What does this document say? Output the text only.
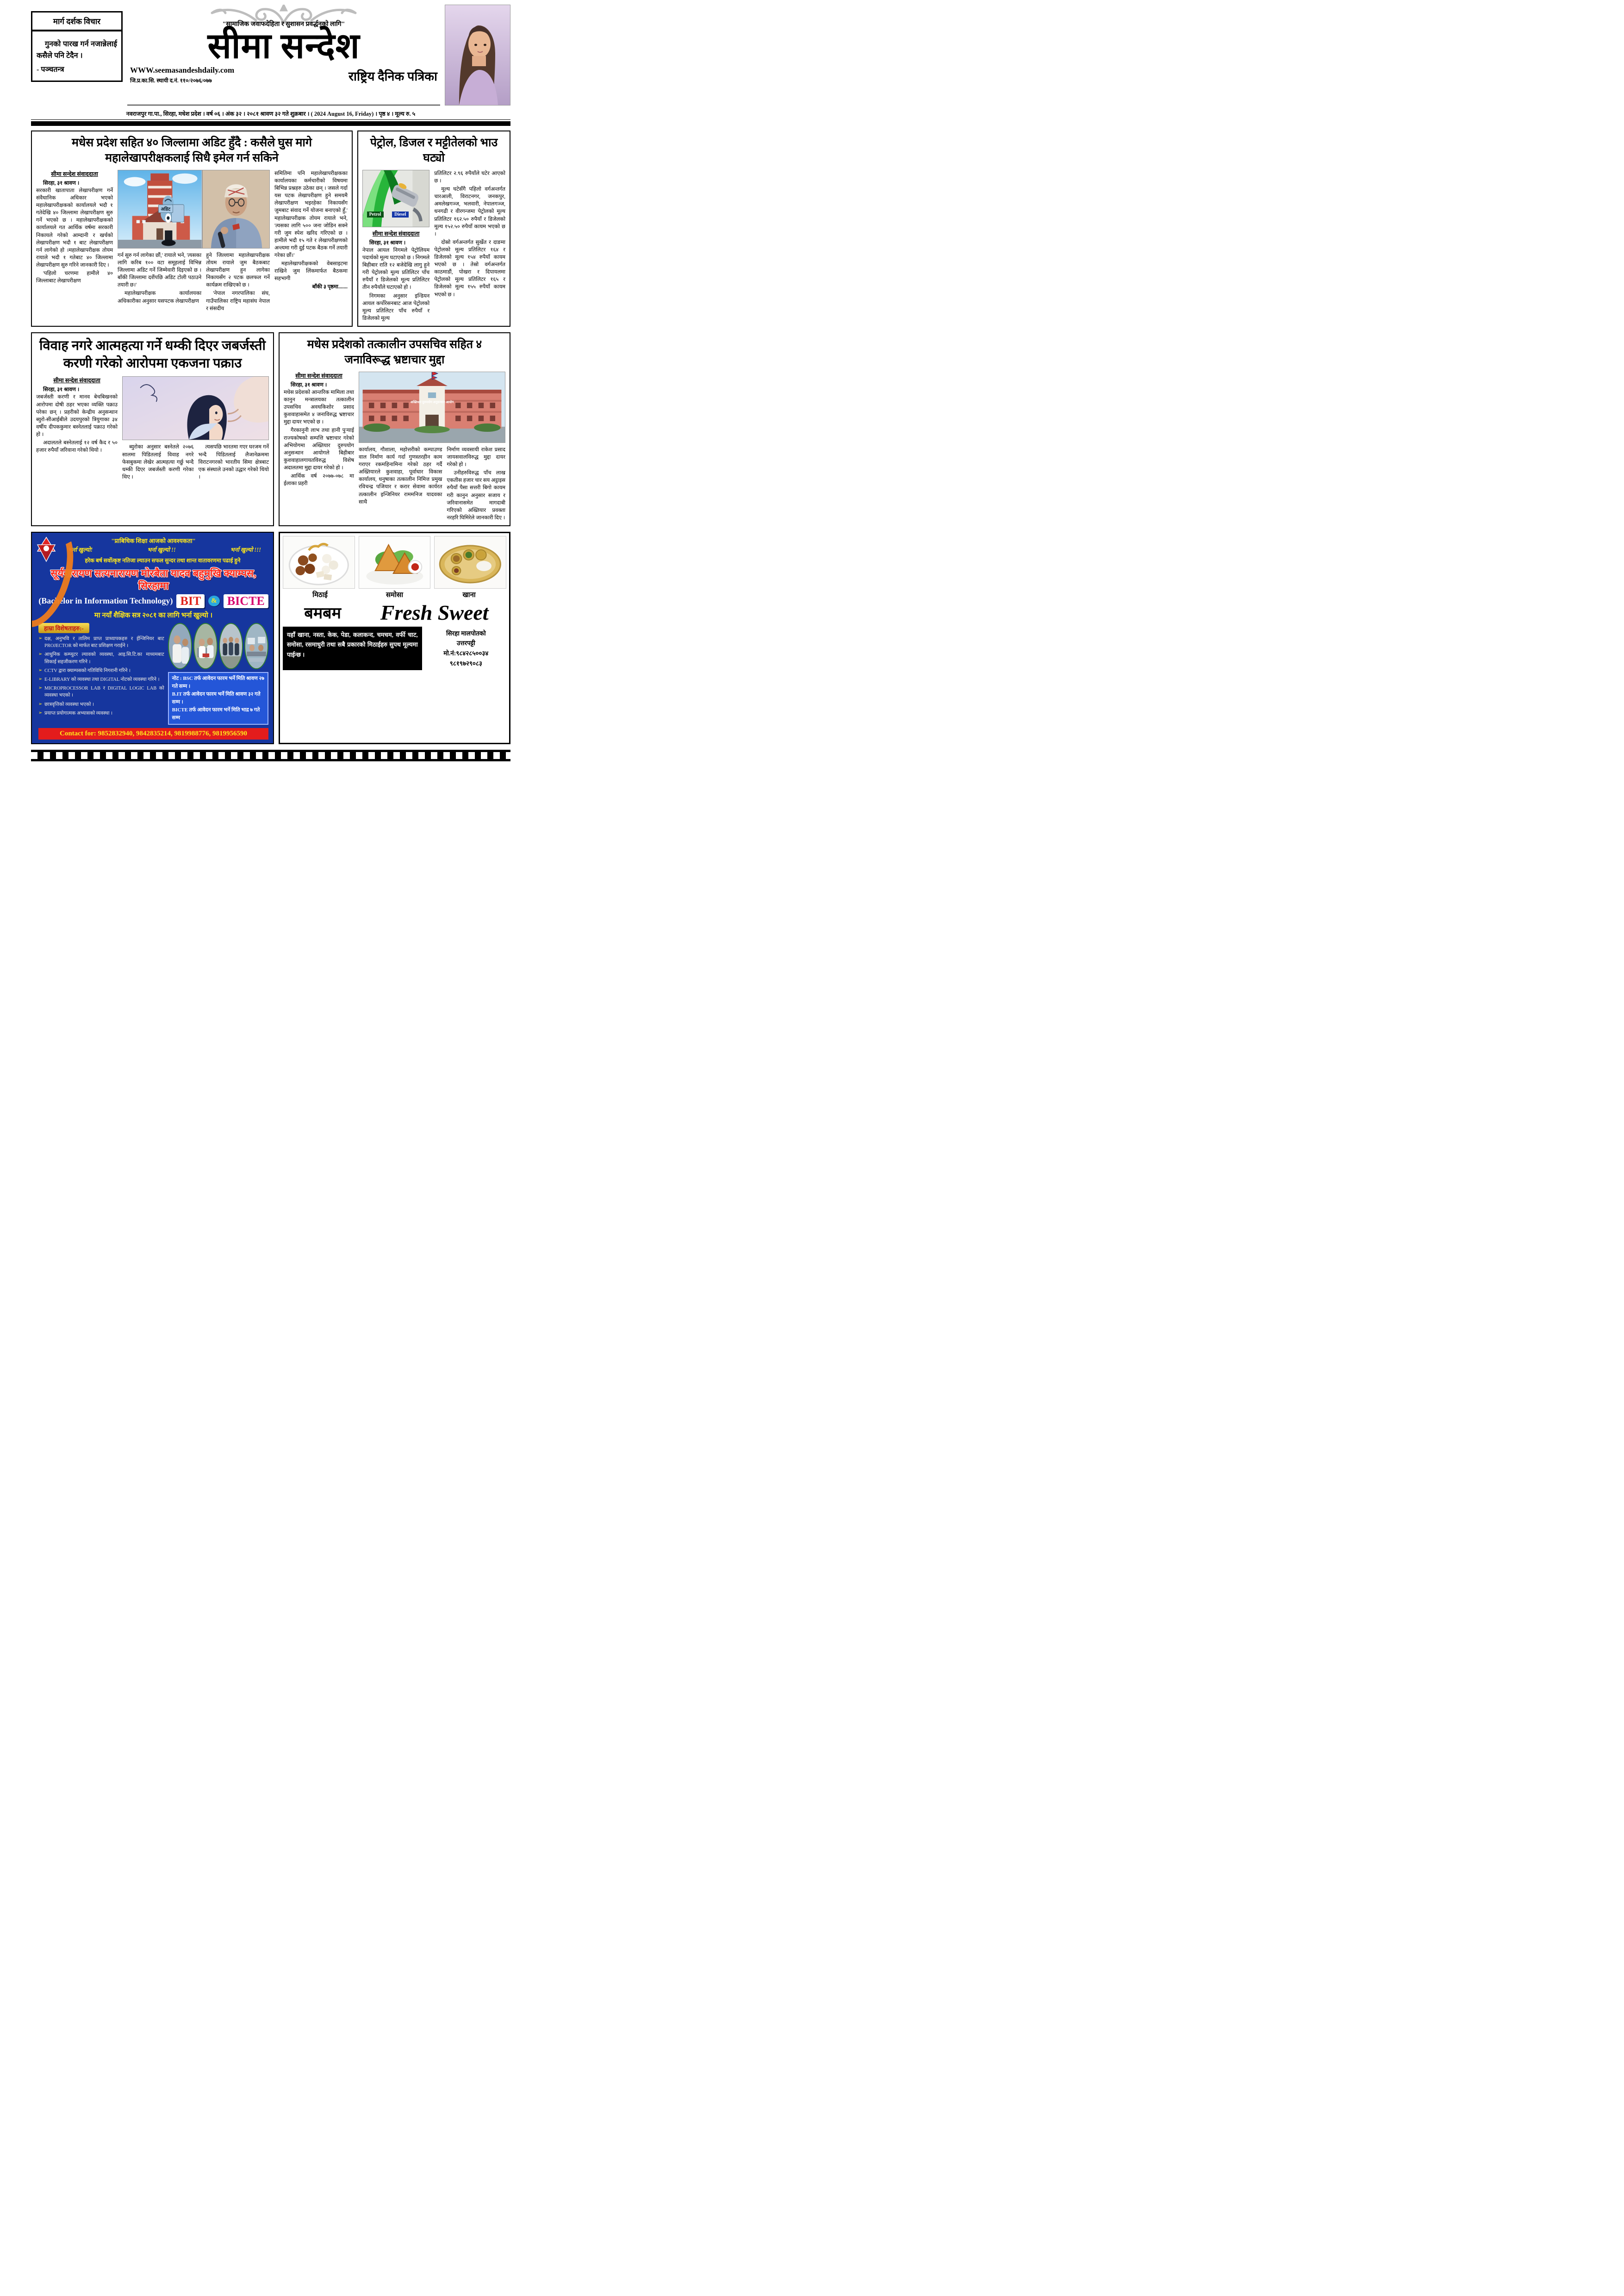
मार्ग दर्शक विचार
गुनको पारख गर्न नजान्नेलाई कसैले पनि टेदैन ।
- पञ्चतन्त्र
"सामाजिक जवाफदेहिता र सुशासन प्रवर्द्धनको लागि"
सीमा सन्देश
WWW.seemasandeshdaily.com
जि.प्र.का.सि. स्थायी द.नं. ११०/२०७६/०७७	राष्ट्रिय दैनिक पत्रिका
नवराजपुर गा.पा., सिरहा, मधेश प्रदेश । वर्ष ०६ । अंक ३२ । २०८१ श्रावण ३२ गते शुक्रबार । ( 2024 August 16, Friday) । पृष्ठ ४ । मूल्य रु. ५
मधेस प्रदेश सहित ४० जिल्लामा अडिट हुँदै : कसैले घुस मागे महालेखापरीक्षकलाई सिधै इमेल गर्न सकिने

सीमा सन्देश संवाददाता

सिरहा, ३१ श्रावण ।

सरकारी खातापाता लेखापरीक्षण गर्ने संवैधानिक अधिकार भएको महालेखापरीक्षकको कार्यालयले भदौ १ गतेदेखि ४० जिल्लामा लेखापरीक्षण सुरु गर्ने भएको छ । महालेखापरीक्षकको कार्यालयले गत आर्थिक वर्षमा सरकारी निकायले गरेको आम्दानी र खर्चको लेखापरीक्षण भदौ १ बाट लेखापरीक्षण गर्न लागेको हो ।महालेखापरीक्षक तोयम रायाले भदौ १ गतेबाट ४० जिल्लामा लेखापरीक्षण सुरु गरिने जानकारी दिए ।

'पहिलो चरणमा हामीले ४० जिल्लाबाट लेखापरीक्षण

अडिट

गर्न सुरु गर्न लागेका छौं,' रायाले भने, 'त्यसका लागि करिब १०० वटा समूहलाई विभिन्न जिल्लामा अडिट गर्ने जिम्मेवारी दिइएको छ । बाँकी जिल्लामा दशैंपछि अडिट टोली पठाउने तयारी छ।'

महालेखापरीक्षक कार्यालयका अधिकारीका अनुसार यसपटक लेखापरीक्षण

हुने जिल्लामा महालेखापरीक्षक तोयम रायाले जुम बैठकबाट लेखापरीक्षण हुन लागेका निकायसँग २ पटक छलफल गर्ने कार्यक्रम राखिएको छ ।

'नेपाल नगरपालिका संघ, गाउँपालिका राष्ट्रिय महासंघ नेपाल र संसदीय

समितिमा पनि महालेखापरीक्षकका कार्यालयका कर्मचारीको विषयमा बिभिन्न प्रश्नहरु उठेका छन् । जसले गर्दा यस पटक लेखापरीक्षण हुने समयमै लेखापरीक्षण भइरहेका निकायसँग जुमबाट संवाद गर्ने योजना बनाएको हुँ,' महालेखापरीक्षक तोयम रायाले भने, 'त्यसका लागि ५०० जना जोडिन सक्ने गरी जुम स्पेश खरिद गरिएको छ । हामीले भदौ १५ गते र लेखापरीक्षणको अन्त्यमा गरी दुई पटक बैठक गर्ने तयारी गरेका छौं।'

महालेखापरीक्षकको वेबसाइटमा राखिने जुम लिंकमार्फत बैठकमा सहभागी

बाँकी ३ पृष्ठमा.......

पेट्रोल, डिजल र मट्टीतेलको भाउ घट्यो
Petrol	Diesel

सीमा सन्देश संवाददाता

सिरहा, ३१ श्रावण ।

नेपाल आयल निगमले पेट्रोलियम पदार्थको मूल्य घटाएको छ । निगमले बिहीबार राति १२ बजेदेखि लागु हुने गरी पेट्रोलको मूल्य प्रतिलिटर पाँच रुपैयाँ र डिजेलको मूल्य प्रतिलिटर तीन रुपैयाँले घटाएको हो ।

निगमका अनुसार इन्डियन आयल कर्पोरेसनबाट आज पेट्रोलको मूल्य प्रतिलिटर पाँच रुपैयाँ र डिजेलको मूल्य

प्रतिलिटर २.९६ रुपैयाँले घटेर आएको छ ।

मूल्य घटेसँगै पहिलो वर्गअन्तर्गत चारआली, विराटनगर, जनकपुर, अमलेखगञ्ज, भलवारी, नेपालगञ्ज, धनगढी र वीरगन्जमा पेट्रोलको मूल्य प्रतिलिटर १६२.५० रुपैयाँ र डिजेलको मूल्य १५२.५० रुपैयाँ कायम भएको छ ।

दोस्रो वर्गअन्तर्गत सुर्खेत र दाङमा पेट्रोलको मूल्य प्रतिलिटर १६४ र डिजेलको मूल्य १५४ रुपैयाँ कायम भएको छ । तेस्रो वर्गअन्तर्गत काठमाडौं, पोखरा र दिपायलमा पेट्रोलको मूल्य प्रतिलिटर १६५ र डिजेलको मूल्य १५५ रुपैयाँ कायम भएको छ ।

विवाह नगरे आत्महत्या गर्ने धम्की दिएर जबर्जस्ती करणी गरेको आरोपमा एकजना पक्राउ

सीमा सन्देश संवाददाता

सिरहा, ३१ श्रावण ।

जबर्जस्ती करणी र मानव बेचबिखनको आरोपमा दोषी ठहर भएका व्यक्ति पक्राउ परेका छन् । प्रहरीको केन्द्रीय अनुसन्धान ब्युरो-सीआईबीले उदयपुरको त्रियुगाका ३४ वर्षीय दीपककुमार बस्नेतलाई पक्राउ गरेको हो ।

अदालतले बस्नेतलाई १२ वर्ष कैद र ५० हजार रुपैयाँ जरिवाना गरेको थियो ।

ब्युरोका अनुसार बस्नेतले २०७६ सालमा पिडितलाई विवाह नगरे फेसबुकमा लेखेर आत्महत्या गर्छु भन्दै धम्की दिएर जबर्जस्ती करणी गरेका थिए ।

त्यसपछि भारतमा गएर घरजम गर्ने भन्दै पिडितलाई लैजानेक्रममा विराटनगरको भारतीय सिमा क्षेत्रबाट एक संस्थाले उनको उद्धार गरेको थियो ।

मधेस प्रदेशको तत्कालीन उपसचिव सहित ४ जनाविरूद्ध भ्रष्टाचार मुद्दा

सीमा सन्देश संवाददाता

सिरहा, ३१ श्रावण ।

मधेस प्रदेशको आन्तरिक मामिला तथा कानुन मन्त्रालयका तत्कालीन उपसचिव अवधकिशोर प्रसाद कुशवाहासमेत ४ जनाविरुद्ध भ्रष्टाचार मुद्दा दायर भएको छ ।

गैरकानुनी लाभ तथा हानी पुऱ्याई राज्यकोषको सम्पत्ति भ्रष्टाचार गरेको अभियोगमा अख्तियार दुरुपयोग अनुसन्धान आयोगले बिहीबार कुशवाहालगायतविरुद्ध विशेष अदालतमा मुद्दा दायर गरेको हो ।

आर्थिक वर्ष २०७७-०७८ मा ईलाका प्रहरी

अख्तियार दुरुपयोग अनुसन्धान आयोग

कार्यालय, गौशाला, महोत्तरीको कम्पाउण्ड वाल निर्माण कार्य गर्दा गुणस्तरहीन काम गराएर रकमहिनामिना गरेको ठहर गर्दै अख्तियारले कुशवाहा, पूर्वाधार विकास कार्यालय, धनुषाका तत्कालीन निमित्त प्रमुख रविचन्द्र पजियार र करार सेवामा कार्यरत तत्कालीन इन्जिनियर राममनिज यादवका साथै

निर्माण व्यवसायी राकेश प्रसाद जायसवालविरुद्ध मुद्दा दायर गरेको हो ।

उनीहरुविरुद्ध पाँच लाख एकतीस हजार चार सय अट्ठाइस रुपैयाँ पैसा सत्तरी बिगो कायम गरी कानुन अनुसार सजाय र जरिवानासमेत मागदाबी गरिएको अख्तियार प्रवक्ता नरहरि घिमिरेले जानकारी दिए ।

"प्राबिधिक शिक्षा आजको आवश्यकता"
भर्ना खुल्यो!	भर्ना खुल्यो !!	भर्ना खुल्यो !!!
हरेक बर्ष सर्वोत्कृष्ट नतिजा ल्याउन सफल सुन्दर तथा शान्त वातावरणमा पढाई हुने
सूर्यनारायण सत्यनारायण मोरबैता यादव बहुमुखि क्याम्पस, सिरहामा
(Bachelor in Information Technology) BIT	& BICTE
मा नयाँ शैक्षिक सत्र २०८१ का लागि भर्ना खुल्यो ।
हाम्रा विशेषताहरु:-
➢ दक्ष, अनुभवि र तालिम प्राप्त प्राध्यापकहरु र ईन्जिनियर बाट PROJECTOR को मार्फत बाट प्रशिक्षण गराईने ।
➢ आधुनिक कम्प्युटर ल्यावको व्यवस्था, आइ.सि.टि.का माध्यमबाट सिकाई सहजीकरण गरिने ।
➢ CCTV द्वारा क्याम्पसको गतिविधि निगरानी गरिने ।
➢ E-LIBRARY को व्यवस्था तथा DIGITAL नोटको व्यवस्था गरिने ।
➢ MICROPROCESSOR LAB र DIGITAL LOGIC LAB को व्यवस्था भएको ।
➢ छात्रवृत्तिको व्यवस्था भएको ।
➢ प्रयाप्त प्रयोगात्मक अभ्यासको व्यवस्था ।
नोट : BSC तर्फ आवेदन फारम भर्ने मिति श्रावण २७ गते सम्म ।
B.IT तर्फ आवेदन फारम भर्ने मिति श्रावण ३२ गते सम्म ।
BICTE तर्फ आवेदन फारम भर्ने मिति भाद्र ७ गते सम्म
Contact for: 9852832940, 9842835214, 9819988776, 9819956590
मिठाई	समोसा	खाना
बमबम Fresh Sweet
यहाँ खाना, नस्ता, केक, पेडा, कलाकन्द, चमचम, वर्फी चाट, समोसा, रसमाधुरी तथा सबै प्रकारको मिठाईहरु सुपथ मूल्यमा पाईन्छ ।
सिरहा मालपोतको
उत्तरपट्टी
मो.नं:९८४२८५००३४
९८१९७२९०८३
